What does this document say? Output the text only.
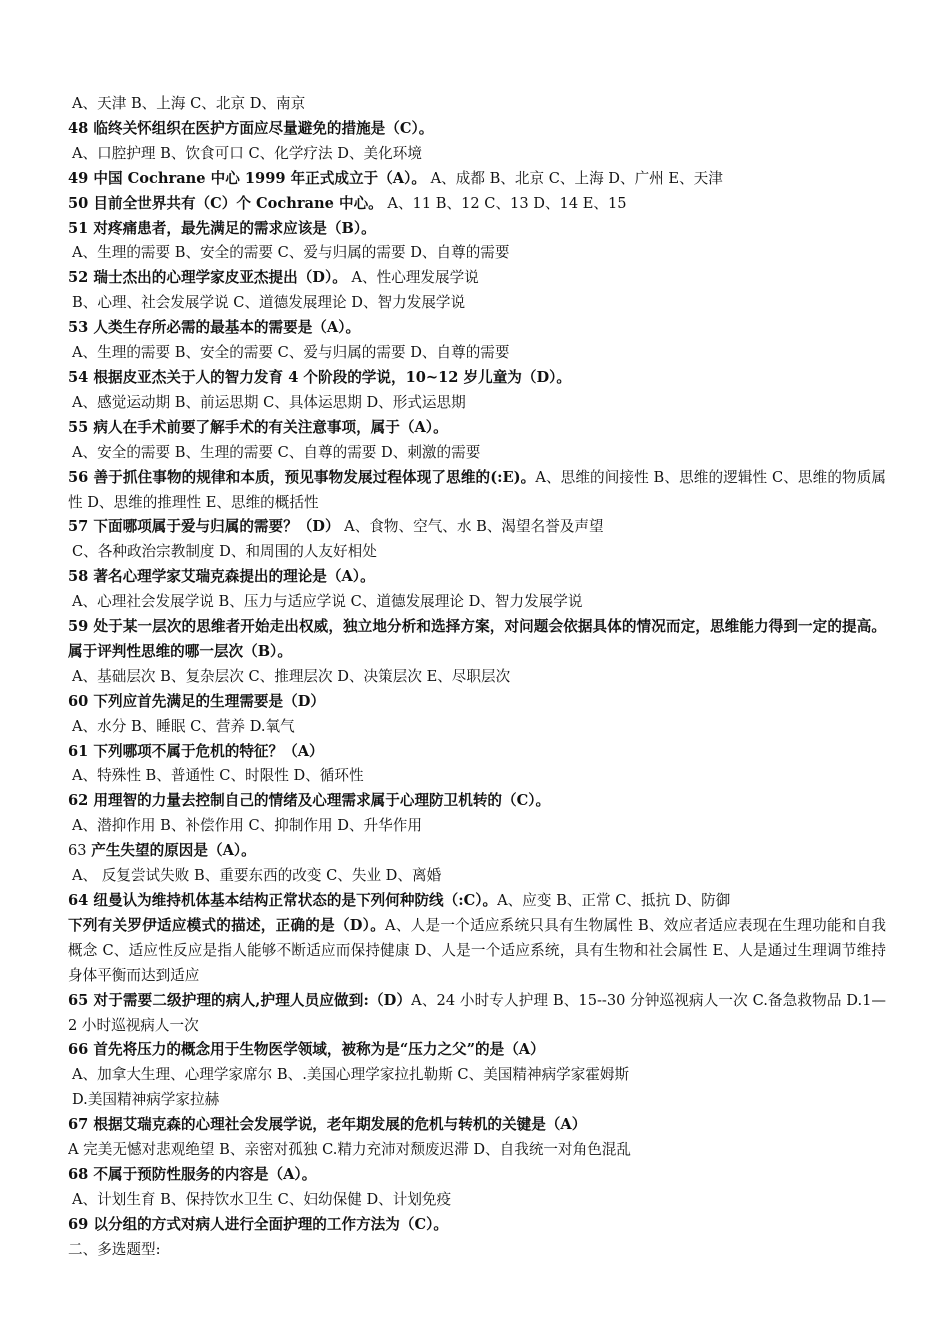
A、天津 B、上海 C、北京 D、南京
48 临终关怀组织在医护方面应尽量避免的措施是（C）。
A、口腔护理 B、饮食可口 C、化学疗法 D、美化环境
49 中国 Cochrane 中心 1999 年正式成立于（A）。 A、成都 B、北京 C、上海 D、广州 E、天津
50 目前全世界共有（C）个 Cochrane 中心。 A、11 B、12 C、13 D、14 E、15
51 对疼痛患者，最先满足的需求应该是（B）。
A、生理的需要 B、安全的需要 C、爱与归属的需要 D、自尊的需要
52 瑞士杰出的心理学家皮亚杰提出（D）。 A、性心理发展学说
B、心理、社会发展学说 C、道德发展理论 D、智力发展学说
53 人类生存所必需的最基本的需要是（A）。
A、生理的需要 B、安全的需要 C、爱与归属的需要 D、自尊的需要
54 根据皮亚杰关于人的智力发育 4 个阶段的学说，10~12 岁儿童为（D）。
A、感觉运动期 B、前运思期 C、具体运思期 D、形式运思期
55 病人在手术前要了解手术的有关注意事项，属于（A）。
A、安全的需要 B、生理的需要 C、自尊的需要 D、刺激的需要
56 善于抓住事物的规律和本质，预见事物发展过程体现了思维的(:E)。A、思维的间接性 B、思维的逻辑性 C、思维的物质属性 D、思维的推理性 E、思维的概括性
57 下面哪项属于爱与归属的需要？（D） A、食物、空气、水 B、渴望名誉及声望
C、各种政治宗教制度 D、和周围的人友好相处
58 著名心理学家艾瑞克森提出的理论是（A）。
A、心理社会发展学说 B、压力与适应学说 C、道德发展理论 D、智力发展学说
59 处于某一层次的思维者开始走出权威，独立地分析和选择方案，对问题会依据具体的情况而定，思维能力得到一定的提高。属于评判性思维的哪一层次（B）。
A、基础层次 B、复杂层次 C、推理层次 D、决策层次 E、尽职层次
60 下列应首先满足的生理需要是（D）
A、水分 B、睡眠 C、营养 D.氧气
61 下列哪项不属于危机的特征？（A）
A、特殊性 B、普通性 C、时限性 D、循环性
62 用理智的力量去控制自己的情绪及心理需求属于心理防卫机转的（C）。
A、潜抑作用 B、补偿作用 C、抑制作用 D、升华作用
63 产生失望的原因是（A）。
A、 反复尝试失败 B、重要东西的改变 C、失业 D、离婚
64 纽曼认为维持机体基本结构正常状态的是下列何种防线（:C）。A、应变 B、正常 C、抵抗 D、防御
下列有关罗伊适应模式的描述，正确的是（D）。A、人是一个适应系统只具有生物属性 B、效应者适应表现在生理功能和自我概念 C、适应性反应是指人能够不断适应而保持健康 D、人是一个适应系统，具有生物和社会属性 E、人是通过生理调节维持身体平衡而达到适应
65 对于需要二级护理的病人,护理人员应做到:（D）A、24 小时专人护理 B、15--30 分钟巡视病人一次 C.备急救物品 D.1—2 小时巡视病人一次
66 首先将压力的概念用于生物医学领域，被称为是“压力之父”的是（A）
A、加拿大生理、心理学家席尔 B、.美国心理学家拉扎勒斯 C、美国精神病学家霍姆斯
D.美国精神病学家拉赫
67 根据艾瑞克森的心理社会发展学说，老年期发展的危机与转机的关键是（A）
A 完美无憾对悲观绝望 B、亲密对孤独 C.精力充沛对颓废迟滞 D、自我统一对角色混乱
68 不属于预防性服务的内容是（A）。
A、计划生育 B、保持饮水卫生 C、妇幼保健 D、计划免疫
69 以分组的方式对病人进行全面护理的工作方法为（C）。
二、多选题型:
